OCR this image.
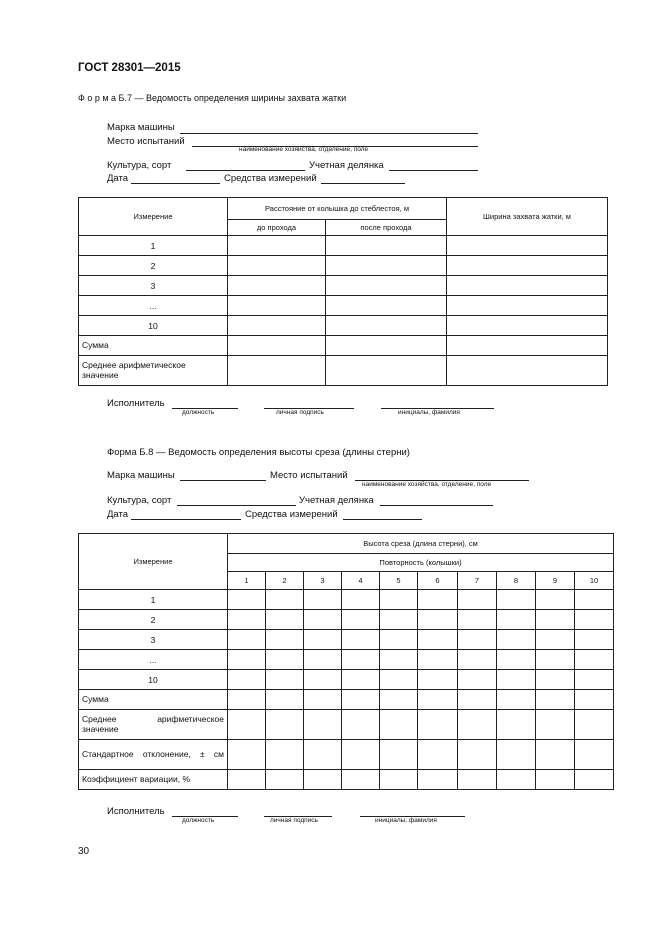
ГОСТ 28301—2015
Ф о р м а Б.7 — Ведомость определения ширины захвата жатки
Марка машины
Место испытаний
наименование хозяйства, отделение, поле
Культура, сорт	Учетная делянка
Дата	Средства измерений
Измерение	Расстояние от колышка до стеблестоя, м		Ширина захвата жатки, м
	до прохода	после прохода	
1			
2			
3			
...			
10			
Сумма			
Среднее арифметическое значение			
Исполнитель
должность	личная подпись	инициалы, фамилия
Форма Б.8 — Ведомость определения высоты среза (длины стерни)
Марка машины	Место испытаний
наименование хозяйства, отделение, поле
Культура, сорт	Учетная делянка
Дата	Средства измерений
Измерение	Высота среза (длина стерни), см									
	Повторность (колышки)									
	1	2	3	4	5	6	7	8	9	10
1										
2										
3										
...										
10										
Сумма										
Среднее арифметическое значение										
Стандартное отклонение, ± см										
Коэффициент вариации, %										
Исполнитель
должность	личная подпись	инициалы, фамилия
30
